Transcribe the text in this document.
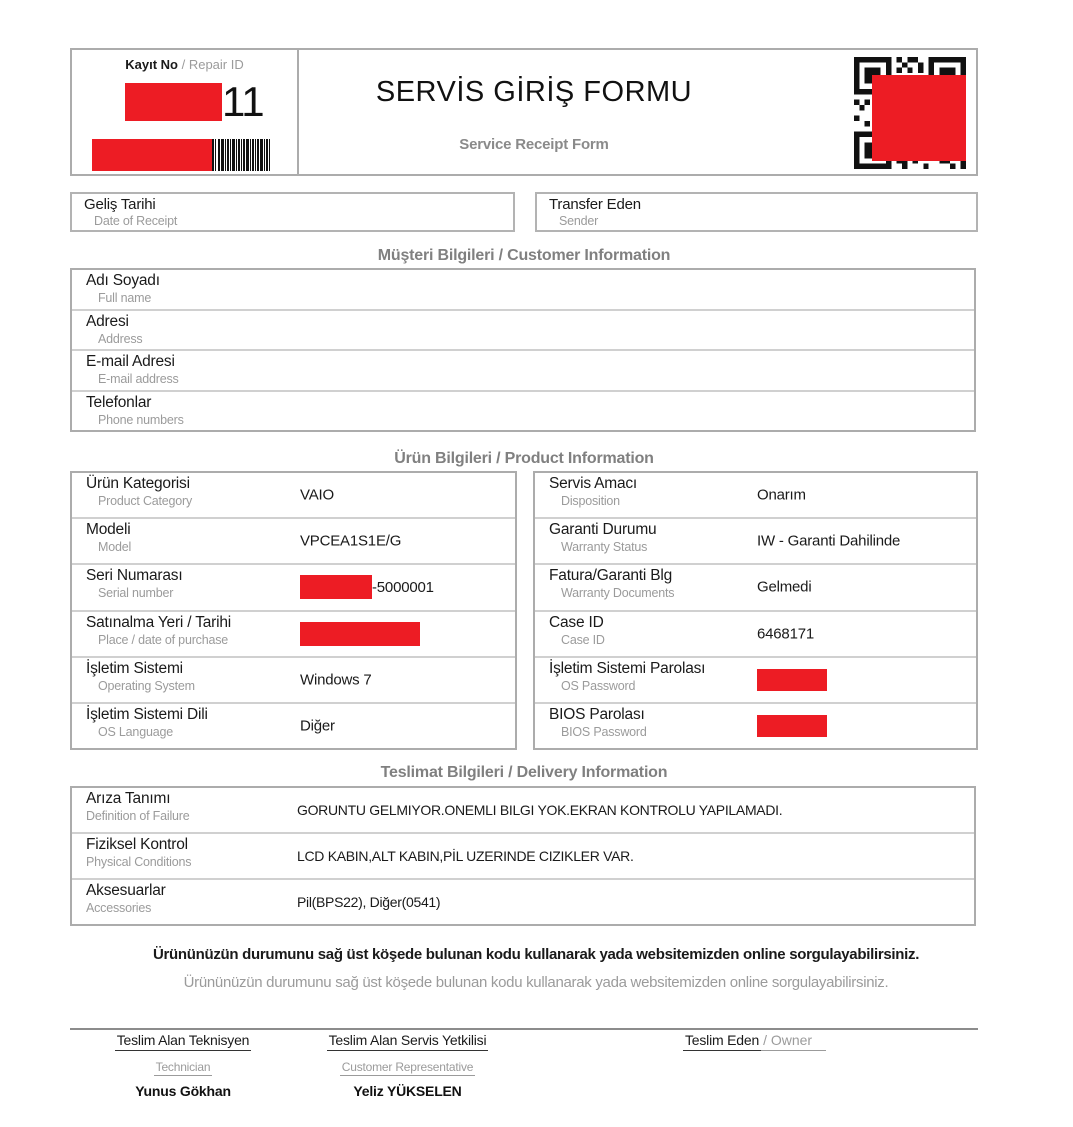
Kayıt No / Repair ID
11	SERVİS GİRİŞ FORMU
Service Receipt Form
Geliş Tarihi
Date of Receipt
Transfer Eden
Sender
Müşteri Bilgileri / Customer Information
Adı Soyadı
Full name
Adresi
Address
E-mail Adresi
E-mail address
Telefonlar
Phone numbers
Ürün Bilgileri / Product Information
Ürün Kategorisi
Product Category	VAIO
Modeli
Model	VPCEA1S1E/G
Seri Numarası
Serial number	-5000001
Satınalma Yeri / Tarihi
Place / date of purchase
İşletim Sistemi
Operating System	Windows 7
İşletim Sistemi Dili
OS Language	Diğer
Servis Amacı
Disposition	Onarım
Garanti Durumu
Warranty Status	IW - Garanti Dahilinde
Fatura/Garanti Blg
Warranty Documents	Gelmedi
Case ID
Case ID	6468171
İşletim Sistemi Parolası
OS Password
BIOS Parolası
BIOS Password
Teslimat Bilgileri / Delivery Information
Arıza Tanımı
Definition of Failure	GORUNTU GELMIYOR.ONEMLI BILGI YOK.EKRAN KONTROLU YAPILAMADI.
Fiziksel Kontrol
Physical Conditions	LCD KABIN,ALT KABIN,PİL UZERINDE CIZIKLER VAR.
Aksesuarlar
Accessories	Pil(BPS22), Diğer(0541)
Ürününüzün durumunu sağ üst köşede bulunan kodu kullanarak yada websitemizden online sorgulayabilirsiniz.
Ürününüzün durumunu sağ üst köşede bulunan kodu kullanarak yada websitemizden online sorgulayabilirsiniz.
Teslim Alan Teknisyen
Technician
Yunus Gökhan
Teslim Alan Servis Yetkilisi
Customer Representative
Yeliz YÜKSELEN
Teslim Eden/ Owner
